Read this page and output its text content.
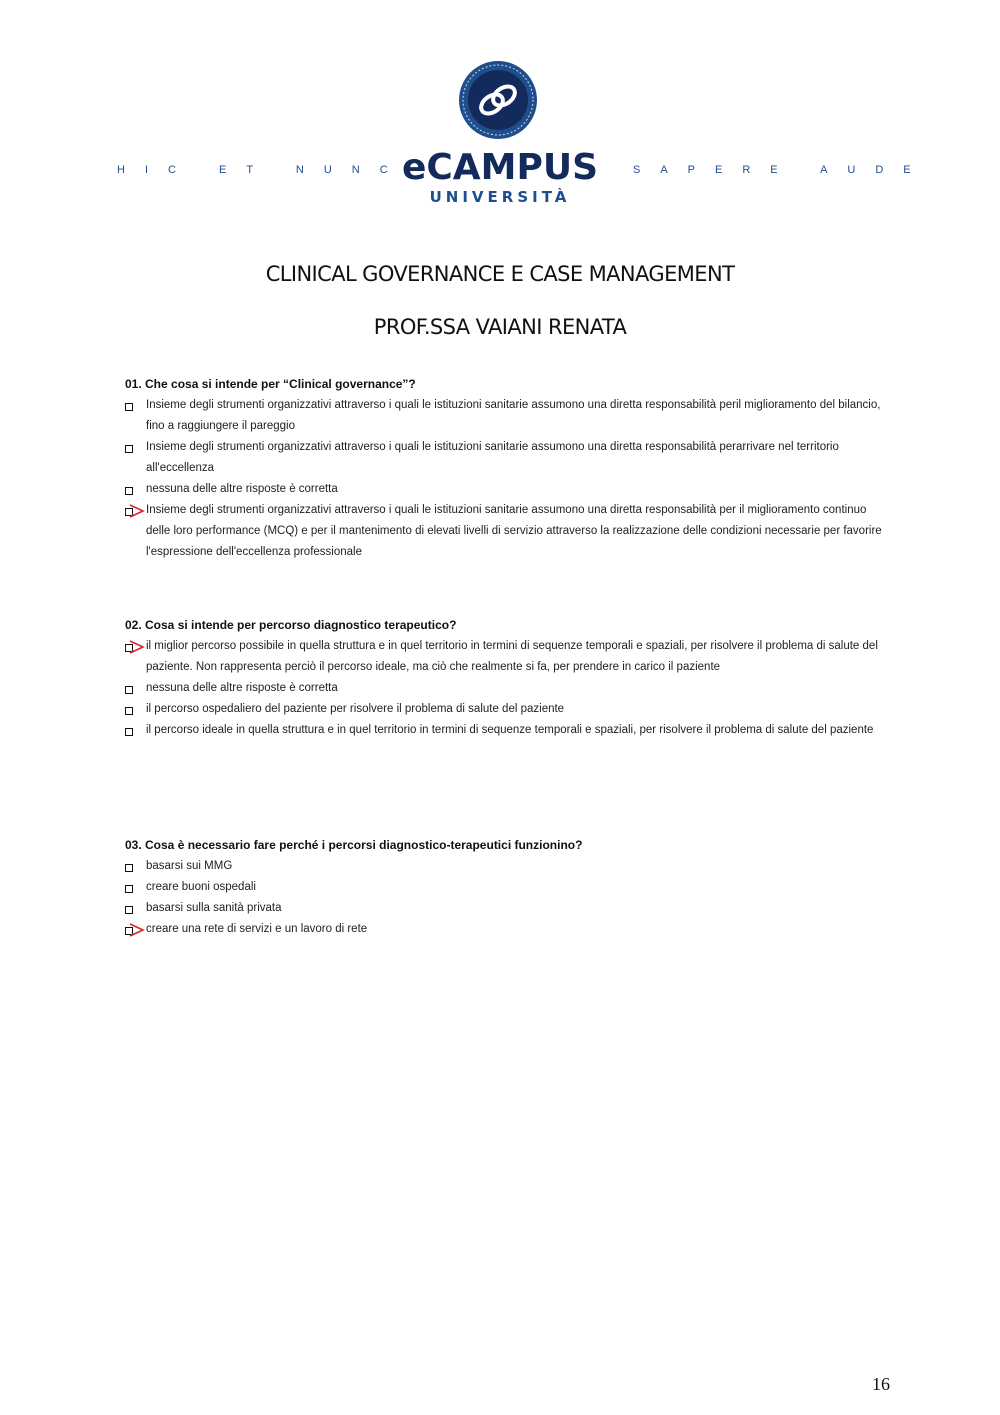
HIC ET NUNC
eCAMPUS
UNIVERSITÀ
SAPERE AUDE
CLINICAL GOVERNANCE E CASE MANAGEMENT
PROF.SSA VAIANI RENATA

01. Che cosa si intende per “Clinical governance”?

Insieme degli strumenti organizzativi attraverso i quali le istituzioni sanitarie assumono una diretta responsabilità peril miglioramento del bilancio, fino a raggiungere il pareggio
Insieme degli strumenti organizzativi attraverso i quali le istituzioni sanitarie assumono una diretta responsabilità perarrivare nel territorio all'eccellenza
nessuna delle altre risposte è corretta
Insieme degli strumenti organizzativi attraverso i quali le istituzioni sanitarie assumono una diretta responsabilità per il miglioramento continuo delle loro performance (MCQ) e per il mantenimento di elevati livelli di servizio attraverso la realizzazione delle condizioni necessarie per favorire l'espressione dell'eccellenza professionale

02. Cosa si intende per percorso diagnostico terapeutico?

il miglior percorso possibile in quella struttura e in quel territorio in termini di sequenze temporali e spaziali, per risolvere il problema di salute del paziente. Non rappresenta perciò il percorso ideale, ma ciò che realmente si fa, per prendere in carico il paziente
nessuna delle altre risposte è corretta
il percorso ospedaliero del paziente per risolvere il problema di salute del paziente
il percorso ideale in quella struttura e in quel territorio in termini di sequenze temporali e spaziali, per risolvere il problema di salute del paziente

03. Cosa è necessario fare perché i percorsi diagnostico-terapeutici funzionino?

basarsi sui MMG
creare buoni ospedali
basarsi sulla sanità privata
creare una rete di servizi e un lavoro di rete
16
